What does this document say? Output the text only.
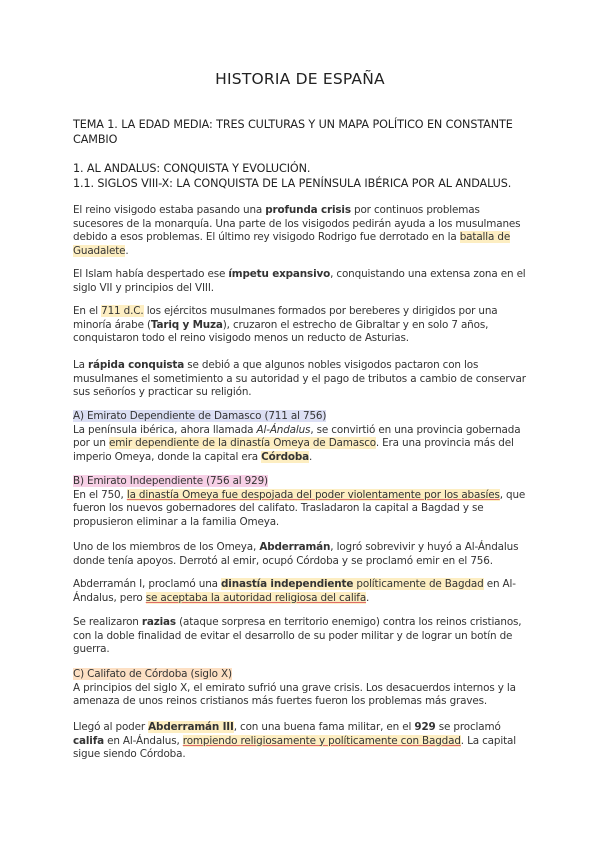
HISTORIA DE ESPAÑA

TEMA 1. LA EDAD MEDIA: TRES CULTURAS Y UN MAPA POLÍTICO EN CONSTANTE CAMBIO

1. AL ANDALUS: CONQUISTA Y EVOLUCIÓN.

1.1. SIGLOS VIII-X: LA CONQUISTA DE LA PENÍNSULA IBÉRICA POR AL ANDALUS.

El reino visigodo estaba pasando una profunda crisis por continuos problemas sucesores de la monarquía. Una parte de los visigodos pedirán ayuda a los musulmanes debido a esos problemas. El último rey visigodo Rodrigo fue derrotado en la batalla de Guadalete.

El Islam había despertado ese ímpetu expansivo, conquistando una extensa zona en el siglo VII y principios del VIII.

En el 711 d.C. los ejércitos musulmanes formados por bereberes y dirigidos por una minoría árabe (Tariq y Muza), cruzaron el estrecho de Gibraltar y en solo 7 años, conquistaron todo el reino visigodo menos un reducto de Asturias.

La rápida conquista se debió a que algunos nobles visigodos pactaron con los musulmanes el sometimiento a su autoridad y el pago de tributos a cambio de conservar sus señoríos y practicar su religión.

A) Emirato Dependiente de Damasco (711 al 756)
La península ibérica, ahora llamada Al-Ándalus, se convirtió en una provincia gobernada por un emir dependiente de la dinastía Omeya de Damasco. Era una provincia más del imperio Omeya, donde la capital era Córdoba.

B) Emirato Independiente (756 al 929)
En el 750, la dinastía Omeya fue despojada del poder violentamente por los abasíes, que fueron los nuevos gobernadores del califato. Trasladaron la capital a Bagdad y se propusieron eliminar a la familia Omeya.

Uno de los miembros de los Omeya, Abderramán, logró sobrevivir y huyó a Al-Ándalus donde tenía apoyos. Derrotó al emir, ocupó Córdoba y se proclamó emir en el 756.

Abderramán I, proclamó una dinastía independiente políticamente de Bagdad en Al-Ándalus, pero se aceptaba la autoridad religiosa del califa.

Se realizaron razias (ataque sorpresa en territorio enemigo) contra los reinos cristianos, con la doble finalidad de evitar el desarrollo de su poder militar y de lograr un botín de guerra.

C) Califato de Córdoba (siglo X)
A principios del siglo X, el emirato sufrió una grave crisis. Los desacuerdos internos y la amenaza de unos reinos cristianos más fuertes fueron los problemas más graves.

Llegó al poder Abderramán III, con una buena fama militar, en el 929 se proclamó califa en Al-Ándalus, rompiendo religiosamente y políticamente con Bagdad. La capital sigue siendo Córdoba.
